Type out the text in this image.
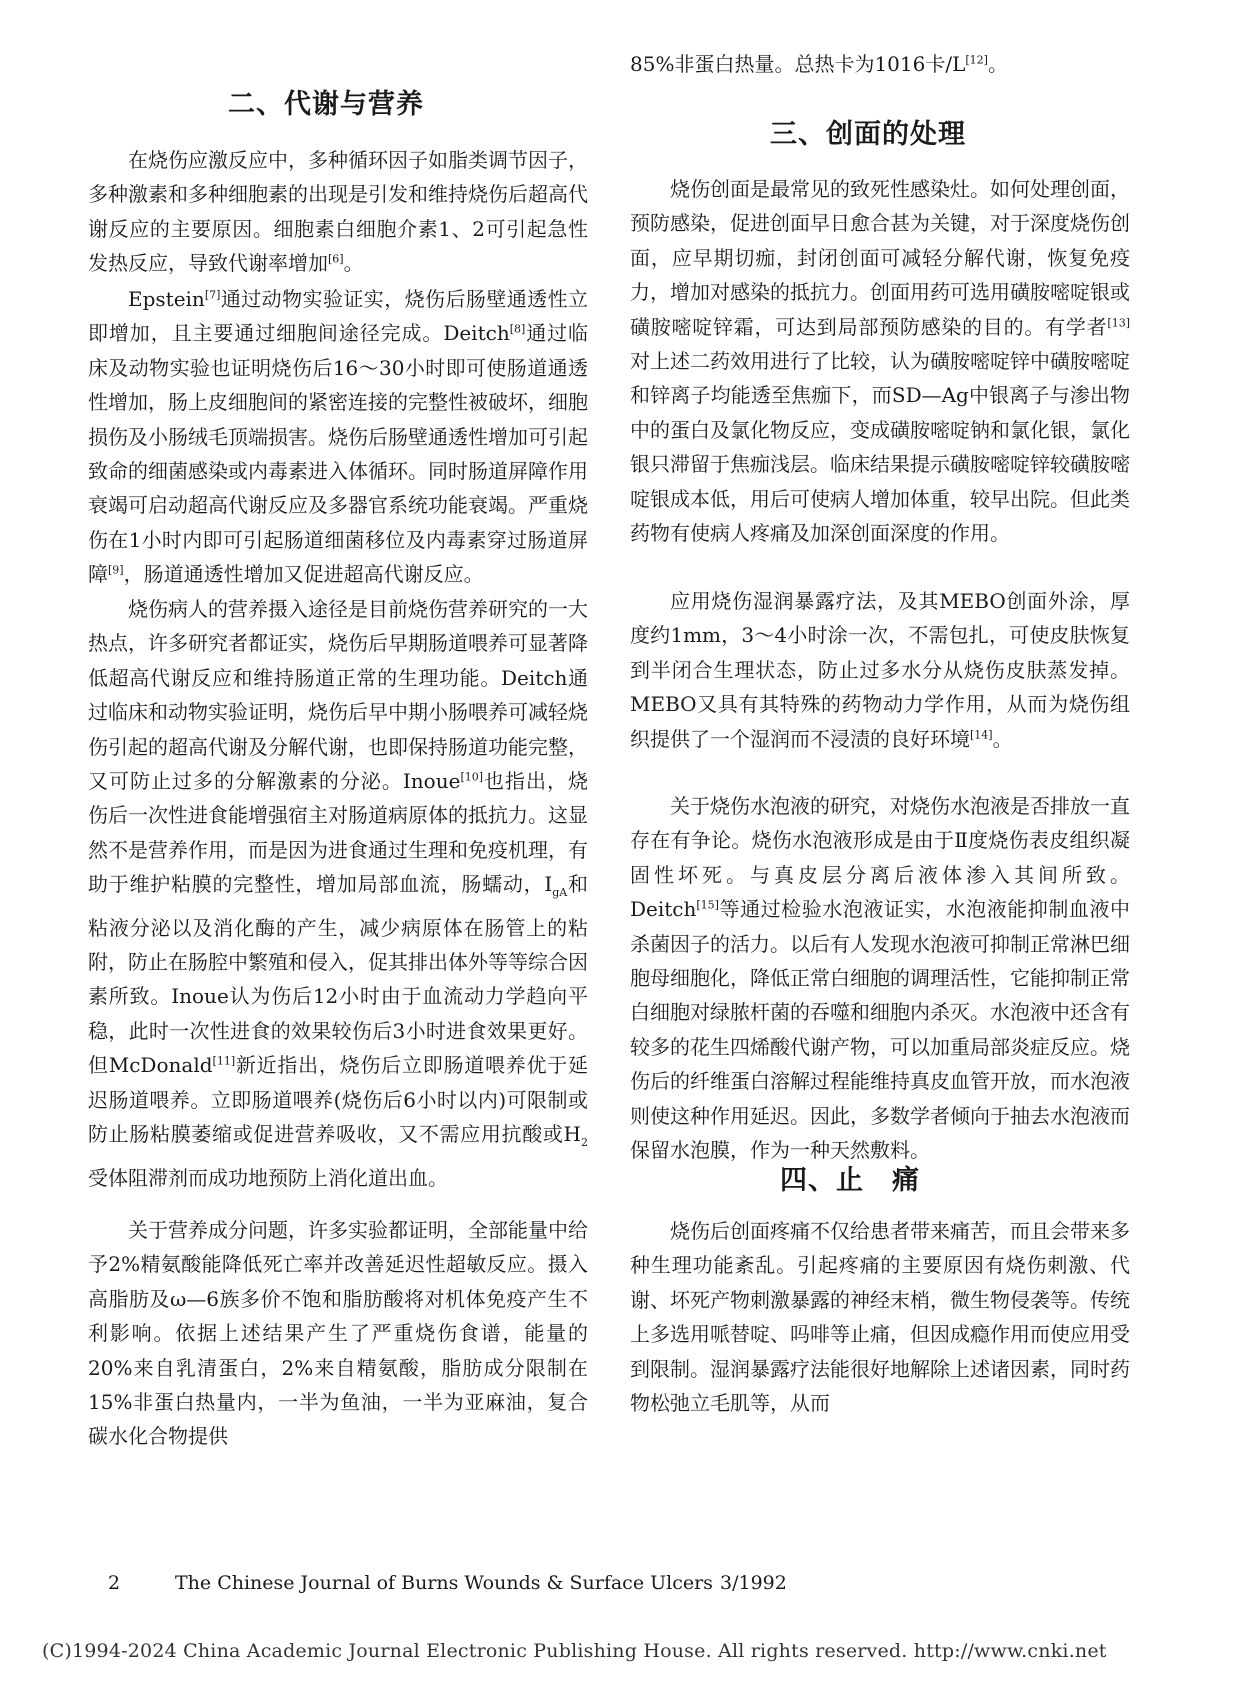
二、代谢与营养

在烧伤应激反应中，多种循环因子如脂类调节因子，多种激素和多种细胞素的出现是引发和维持烧伤后超高代谢反应的主要原因。细胞素白细胞介素1、2可引起急性发热反应，导致代谢率增加[6]。

Epstein[7]通过动物实验证实，烧伤后肠壁通透性立即增加，且主要通过细胞间途径完成。Deitch[8]通过临床及动物实验也证明烧伤后16～30小时即可使肠道通透性增加，肠上皮细胞间的紧密连接的完整性被破坏，细胞损伤及小肠绒毛顶端损害。烧伤后肠壁通透性增加可引起致命的细菌感染或内毒素进入体循环。同时肠道屏障作用衰竭可启动超高代谢反应及多器官系统功能衰竭。严重烧伤在1小时内即可引起肠道细菌移位及内毒素穿过肠道屏障[9]，肠道通透性增加又促进超高代谢反应。

烧伤病人的营养摄入途径是目前烧伤营养研究的一大热点，许多研究者都证实，烧伤后早期肠道喂养可显著降低超高代谢反应和维持肠道正常的生理功能。Deitch通过临床和动物实验证明，烧伤后早中期小肠喂养可减轻烧伤引起的超高代谢及分解代谢，也即保持肠道功能完整，又可防止过多的分解激素的分泌。Inoue[10]也指出，烧伤后一次性进食能增强宿主对肠道病原体的抵抗力。这显然不是营养作用，而是因为进食通过生理和免疫机理，有助于维护粘膜的完整性，增加局部血流，肠蠕动，$I_{gA}$和粘液分泌以及消化酶的产生，减少病原体在肠管上的粘附，防止在肠腔中繁殖和侵入，促其排出体外等等综合因素所致。Inoue认为伤后12小时由于血流动力学趋向平稳，此时一次性进食的效果较伤后3小时进食效果更好。但McDonald[11]新近指出，烧伤后立即肠道喂养优于延迟肠道喂养。立即肠道喂养(烧伤后6小时以内)可限制或防止肠粘膜萎缩或促进营养吸收，又不需应用抗酸或$H_2$受体阻滞剂而成功地预防上消化道出血。

关于营养成分问题，许多实验都证明，全部能量中给予2%精氨酸能降低死亡率并改善延迟性超敏反应。摄入高脂肪及ω—6族多价不饱和脂肪酸将对机体免疫产生不利影响。依据上述结果产生了严重烧伤食谱，能量的20%来自乳清蛋白，2%来自精氨酸，脂肪成分限制在15%非蛋白热量内，一半为鱼油，一半为亚麻油，复合碳水化合物提供

85%非蛋白热量。总热卡为1016卡/L[12]。

三、创面的处理

烧伤创面是最常见的致死性感染灶。如何处理创面，预防感染，促进创面早日愈合甚为关键，对于深度烧伤创面，应早期切痂，封闭创面可减轻分解代谢，恢复免疫力，增加对感染的抵抗力。创面用药可选用磺胺嘧啶银或磺胺嘧啶锌霜，可达到局部预防感染的目的。有学者[13]对上述二药效用进行了比较，认为磺胺嘧啶锌中磺胺嘧啶和锌离子均能透至焦痂下，而SD—Ag中银离子与渗出物中的蛋白及氯化物反应，变成磺胺嘧啶钠和氯化银，氯化银只滞留于焦痂浅层。临床结果提示磺胺嘧啶锌较磺胺嘧啶银成本低，用后可使病人增加体重，较早出院。但此类药物有使病人疼痛及加深创面深度的作用。

应用烧伤湿润暴露疗法，及其MEBO创面外涂，厚度约1mm，3～4小时涂一次，不需包扎，可使皮肤恢复到半闭合生理状态，防止过多水分从烧伤皮肤蒸发掉。MEBO又具有其特殊的药物动力学作用，从而为烧伤组织提供了一个湿润而不浸渍的良好环境[14]。

关于烧伤水泡液的研究，对烧伤水泡液是否排放一直存在有争论。烧伤水泡液形成是由于Ⅱ度烧伤表皮组织凝固性坏死。与真皮层分离后液体渗入其间所致。Deitch[15]等通过检验水泡液证实，水泡液能抑制血液中杀菌因子的活力。以后有人发现水泡液可抑制正常淋巴细胞母细胞化，降低正常白细胞的调理活性，它能抑制正常白细胞对绿脓杆菌的吞噬和细胞内杀灭。水泡液中还含有较多的花生四烯酸代谢产物，可以加重局部炎症反应。烧伤后的纤维蛋白溶解过程能维持真皮血管开放，而水泡液则使这种作用延迟。因此，多数学者倾向于抽去水泡液而保留水泡膜，作为一种天然敷料。

四、止　痛

烧伤后创面疼痛不仅给患者带来痛苦，而且会带来多种生理功能紊乱。引起疼痛的主要原因有烧伤刺激、代谢、坏死产物刺激暴露的神经末梢，微生物侵袭等。传统上多选用哌替啶、吗啡等止痛，但因成瘾作用而使应用受到限制。湿润暴露疗法能很好地解除上述诸因素，同时药物松弛立毛肌等，从而

2	The Chinese Journal of Burns Wounds & Surface Ulcers 3/1992
(C)1994-2024 China Academic Journal Electronic Publishing House. All rights reserved. http://www.cnki.net
